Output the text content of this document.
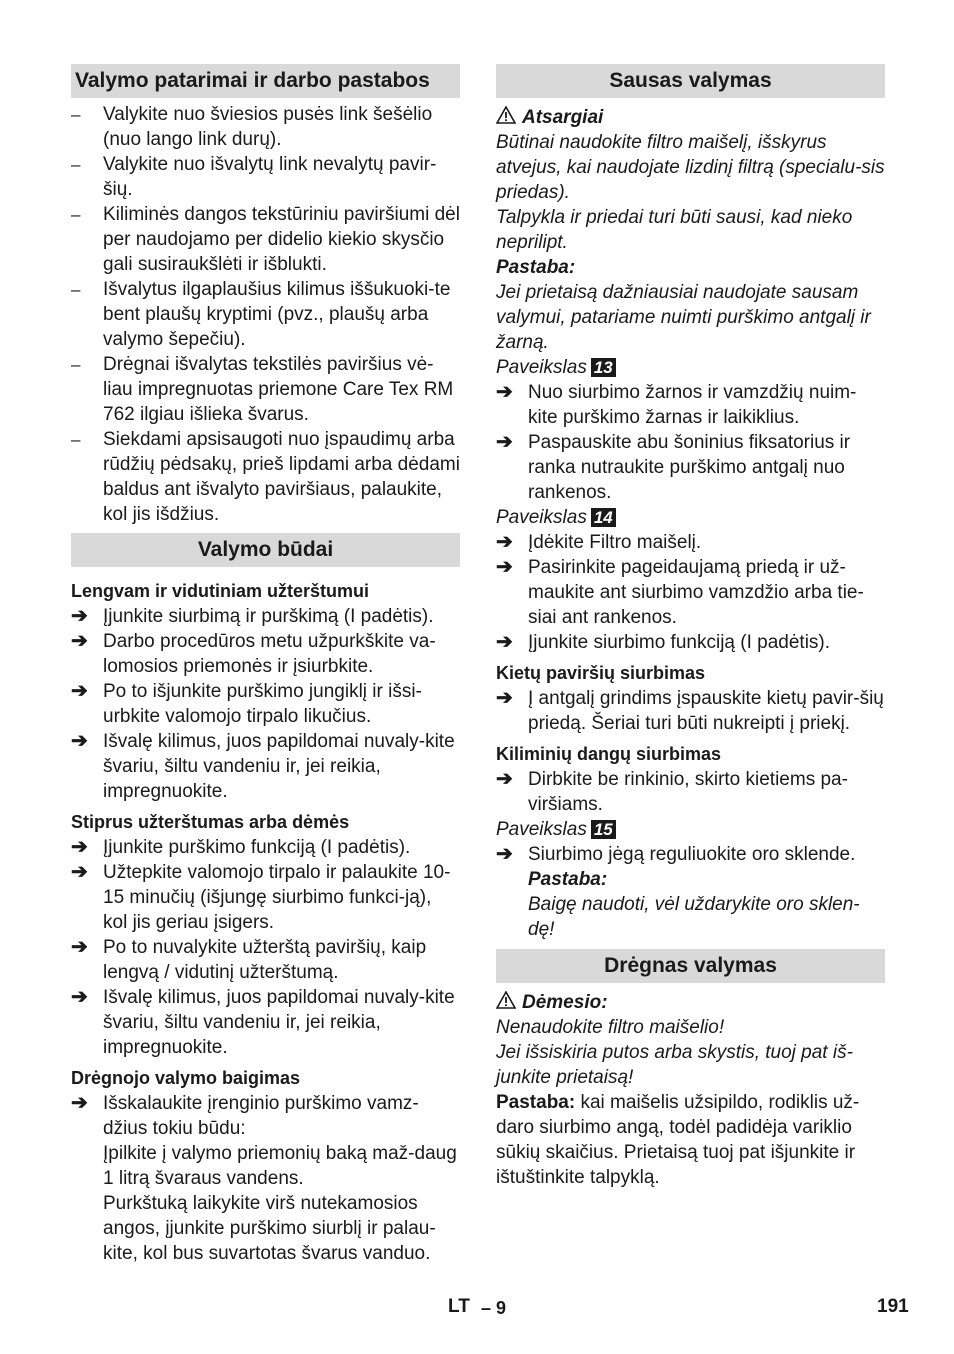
Valymo patarimai ir darbo pastabos
–	Valykite nuo šviesios pusės link šešėlio (nuo lango link durų).
–	Valykite nuo išvalytų link nevalytų pavir-šių.
–	Kiliminės dangos tekstūriniu paviršiumi dėl per naudojamo per didelio kiekio skysčio gali susiraukšlėti ir išblukti.
–	Išvalytus ilgaplaušius kilimus iššukuoki-te bent plaušų kryptimi (pvz., plaušų arba valymo šepečiu).
–	Drėgnai išvalytas tekstilės paviršius vė-liau impregnuotas priemone Care Tex RM 762 ilgiau išlieka švarus.
–	Siekdami apsisaugoti nuo įspaudimų arba rūdžių pėdsakų, prieš lipdami arba dėdami baldus ant išvalyto paviršiaus, palaukite, kol jis išdžius.
Valymo būdai
Lengvam ir vidutiniam užterštumui
➔ Įjunkite siurbimą ir purškimą (I padėtis).
➔ Darbo procedūros metu užpurkškite va-lomosios priemonės ir įsiurbkite.
➔ Po to išjunkite purškimo jungiklį ir išsi-urbkite valomojo tirpalo likučius.
➔ Išvalę kilimus, juos papildomai nuvaly-kite švariu, šiltu vandeniu ir, jei reikia, impregnuokite.
Stiprus užterštumas arba dėmės
➔ Įjunkite purškimo funkciją (I padėtis).
➔ Užtepkite valomojo tirpalo ir palaukite 10-15 minučių (išjungę siurbimo funkci-ją), kol jis geriau įsigers.
➔ Po to nuvalykite užterštą paviršių, kaip lengvą / vidutinį užterštumą.
➔ Išvalę kilimus, juos papildomai nuvaly-kite švariu, šiltu vandeniu ir, jei reikia, impregnuokite.
Drėgnojo valymo baigimas
➔ Išskalaukite įrenginio purškimo vamz-džius tokiu būdu:
Įpilkite į valymo priemonių baką maž-daug 1 litrą švaraus vandens.
Purkštuką laikykite virš nutekamosios angos, įjunkite purškimo siurblį ir palau-kite, kol bus suvartotas švarus vanduo.
Sausas valymas
Atsargiai
Būtinai naudokite filtro maišelį, išskyrus atvejus, kai naudojate lizdinį filtrą (specialu-sis priedas).
Talpykla ir priedai turi būti sausi, kad nieko neprilipt.
Pastaba:
Jei prietaisą dažniausiai naudojate sausam valymui, patariame nuimti purškimo antgalį ir žarną.
Paveikslas 13
➔ Nuo siurbimo žarnos ir vamzdžių nuim-kite purškimo žarnas ir laikiklius.
➔ Paspauskite abu šoninius fiksatorius ir ranka nutraukite purškimo antgalį nuo rankenos.
Paveikslas 14
➔ Įdėkite Filtro maišelį.
➔ Pasirinkite pageidaujamą priedą ir už-maukite ant siurbimo vamzdžio arba tie-siai ant rankenos.
➔ Įjunkite siurbimo funkciją (I padėtis).
Kietų paviršių siurbimas
➔ Į antgalį grindims įspauskite kietų pavir-šių priedą. Šeriai turi būti nukreipti į priekį.
Kiliminių dangų siurbimas
➔ Dirbkite be rinkinio, skirto kietiems pa-viršiams.
Paveikslas 15
➔ Siurbimo jėgą reguliuokite oro sklende.
Pastaba:
Baigę naudoti, vėl uždarykite oro sklen-dę!
Drėgnas valymas
Dėmesio:
Nenaudokite filtro maišelio!
Jei išsiskiria putos arba skystis, tuoj pat iš-junkite prietaisą!
Pastaba: kai maišelis užsipildo, rodiklis už-daro siurbimo angą, todėl padidėja variklio sūkių skaičius. Prietaisą tuoj pat išjunkite ir ištuštinkite talpyklą.
LT – 9	191
